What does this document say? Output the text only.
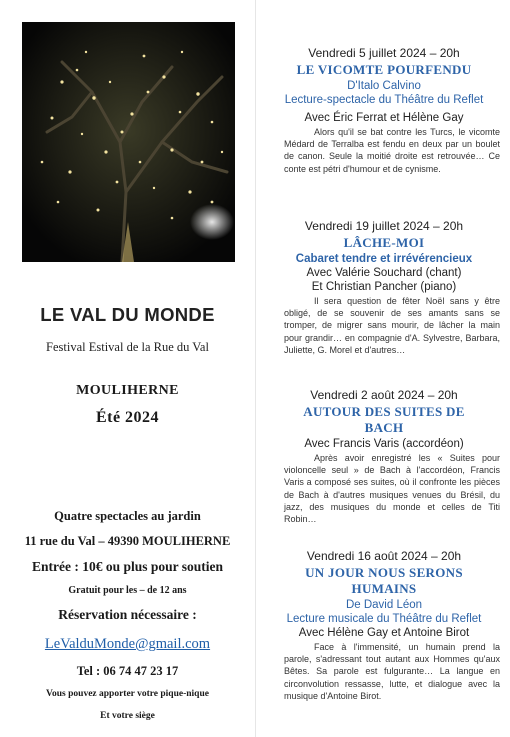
LE VAL DU MONDE
Festival Estival de la Rue du Val
MOULIHERNE
Été 2024
Quatre spectacles au jardin
11 rue du Val – 49390 MOULIHERNE
Entrée : 10€ ou plus pour soutien
Gratuit pour les – de 12 ans
Réservation nécessaire :
LeValduMonde@gmail.com
Tel : 06 74 47 23 17
Vous pouvez apporter votre pique-nique
Et votre siège
Vendredi 5 juillet 2024 – 20h
LE VICOMTE POURFENDU
D'Italo Calvino
Lecture-spectacle du Théâtre du Reflet
Avec Éric Ferrat et Hélène Gay
Alors qu'il se bat contre les Turcs, le vicomte Médard de Terralba est fendu en deux par un boulet de canon. Seule la moitié droite est retrouvée… Ce conte est pétri d'humour et de cynisme.
Vendredi 19 juillet 2024 – 20h
LÂCHE-MOI
Cabaret tendre et irrévérencieux
Avec Valérie Souchard (chant)
Et Christian Pancher (piano)
Il sera question de fêter Noël sans y être obligé, de se souvenir de ses amants sans se tromper, de migrer sans mourir, de lâcher la main pour grandir… en compagnie d'A. Sylvestre, Barbara, Juliette, G. Morel et d'autres…
Vendredi 2 août 2024 – 20h
AUTOUR DES SUITES DE BACH
Avec Francis Varis (accordéon)
Après avoir enregistré les « Suites pour violoncelle seul » de Bach à l'accordéon, Francis Varis a composé ses suites, où il confronte les pièces de Bach à d'autres musiques venues du Brésil, du jazz, des musiques du monde et celles de Titi Robin…
Vendredi 16 août 2024 – 20h
UN JOUR NOUS SERONS HUMAINS
De David Léon
Lecture musicale du Théâtre du Reflet
Avec Hélène Gay et Antoine Birot
Face à l'immensité, un humain prend la parole, s'adressant tout autant aux Hommes qu'aux Bêtes. Sa parole est fulgurante… La langue en circonvolution ressasse, lutte, et dialogue avec la musique d'Antoine Birot.
